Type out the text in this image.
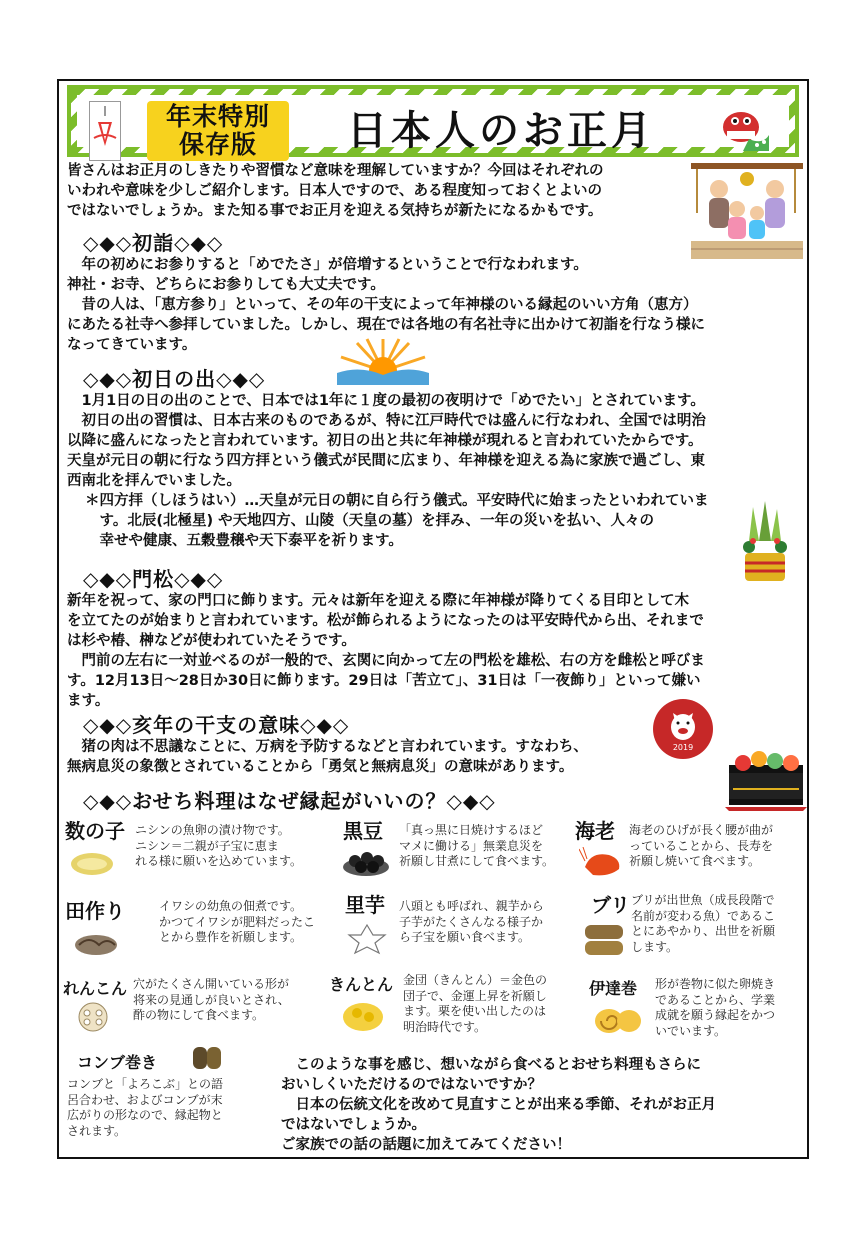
年末特別
保存版 日本人のお正月

皆さんはお正月のしきたりや習慣など意味を理解していますか？今回はそれぞれの
いわれや意味を少しご紹介します。日本人ですので、ある程度知っておくとよいの
ではないでしょうか。また知る事でお正月を迎える気持ちが新たになるかもです。

◇◆◇初詣◇◆◇

　年の初めにお参りすると「めでたさ」が倍増するということで行なわれます。
神社・お寺、どちらにお参りしても大丈夫です。
　昔の人は、「恵方参り」といって、その年の干支によって年神様のいる縁起のいい方角（恵方）
にあたる社寺へ参拝していました。しかし、現在では各地の有名社寺に出かけて初詣を行なう様に
なってきています。

◇◆◇初日の出◇◆◇

　1月1日の日の出のことで、日本では1年に１度の最初の夜明けで「めでたい」とされています。
　初日の出の習慣は、日本古来のものであるが、特に江戸時代では盛んに行なわれ、全国では明治
以降に盛んになったと言われています。初日の出と共に年神様が現れると言われていたからです。
天皇が元日の朝に行なう四方拝という儀式が民間に広まり、年神様を迎える為に家族で過ごし、東
西南北を拝んでいました。

＊四方拝（しほうはい）…天皇が元日の朝に自ら行う儀式。平安時代に始まったといわれていま
　す。北辰(北極星) や天地四方、山陵（天皇の墓）を拝み、一年の災いを払い、人々の
　幸せや健康、五穀豊穣や天下泰平を祈ります。

◇◆◇門松◇◆◇

新年を祝って、家の門口に飾ります。元々は新年を迎える際に年神様が降りてくる目印として木
を立てたのが始まりと言われています。松が飾られるようになったのは平安時代から出、それまで
は杉や椿、榊などが使われていたそうです。
　門前の左右に一対並べるのが一般的で、玄関に向かって左の門松を雄松、右の方を雌松と呼びま
す。12月13日～28日か30日に飾ります。29日は「苦立て」、31日は「一夜飾り」といって嫌い
ます。

◇◆◇亥年の干支の意味◇◆◇
2019

　猪の肉は不思議なことに、万病を予防するなどと言われています。すなわち、
無病息災の象徴とされていることから「勇気と無病息災」の意味があります。

◇◆◇おせち料理はなぜ縁起がいいの？◇◆◇
数の子 ニシンの魚卵の漬け物です。
ニシン＝二親が子宝に恵ま
れる様に願いを込めています。
黒豆 「真っ黒に日焼けするほど
マメに働ける」無業息災を
祈願し甘煮にして食べます。
海老 海老のひげが長く腰が曲が
っていることから、長寿を
祈願し焼いて食べます。
田作り	イワシの幼魚の佃煮です。
かつてイワシが肥料だったこ
とから豊作を祈願します。
里芋 八頭とも呼ばれ、親芋から
子芋がたくさんなる様子か
ら子宝を願い食べます。
ブリ ブリが出世魚（成長段階で
名前が変わる魚）であるこ
とにあやかり、出世を祈願
します。
れんこん 穴がたくさん開いている形が
将来の見通しが良いとされ、
酢の物にして食べます。
きんとん 金団（きんとん）＝金色の
団子で、金運上昇を祈願し
ます。栗を使い出したのは
明治時代です。
伊達巻 形が巻物に似た卵焼き
であることから、学業
成就を願う縁起をかつ
いでいます。
コンブ巻き
コンブと「よろこぶ」との語
呂合わせ、およびコンブが末
広がりの形なので、縁起物と
されます。

　このような事を感じ、想いながら食べるとおせち料理もさらに
おいしくいただけるのではないですか？
　日本の伝統文化を改めて見直すことが出来る季節、それがお正月
ではないでしょうか。
ご家族での話の話題に加えてみてください！
